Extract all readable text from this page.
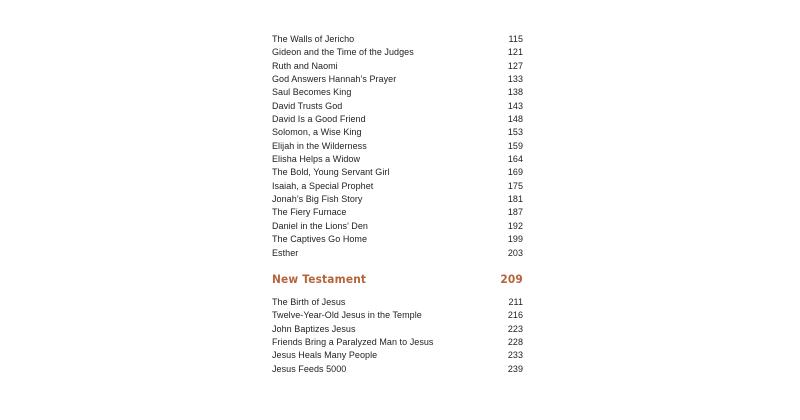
The Walls of Jericho	115
Gideon and the Time of the Judges	121
Ruth and Naomi	127
God Answers Hannah’s Prayer	133
Saul Becomes King	138
David Trusts God	143
David Is a Good Friend	148
Solomon, a Wise King	153
Elijah in the Wilderness	159
Elisha Helps a Widow	164
The Bold, Young Servant Girl	169
Isaiah, a Special Prophet	175
Jonah’s Big Fish Story	181
The Fiery Furnace	187
Daniel in the Lions’ Den	192
The Captives Go Home	199
Esther	203
New Testament	209
The Birth of Jesus	211
Twelve-Year-Old Jesus in the Temple	216
John Baptizes Jesus	223
Friends Bring a Paralyzed Man to Jesus	228
Jesus Heals Many People	233
Jesus Feeds 5000	239
